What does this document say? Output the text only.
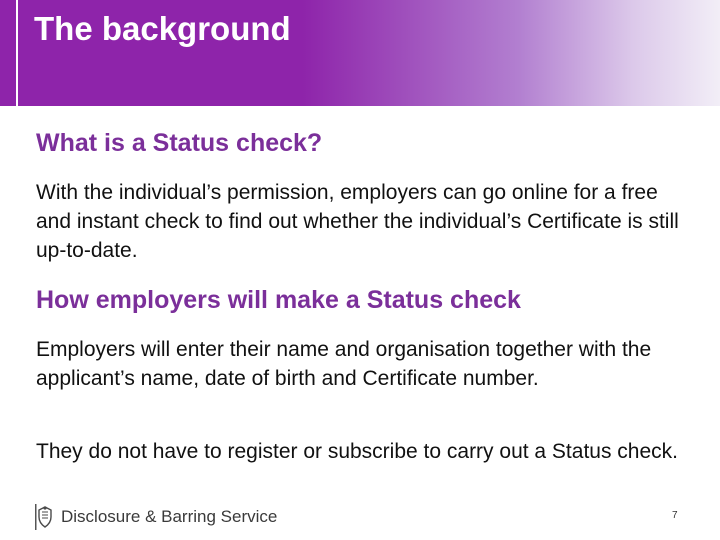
The background
What is a Status check?

With the individual’s permission, employers can go online for a free and instant check to find out whether the individual’s Certificate is still up-to-date.

How employers will make a Status check

Employers will enter their name and organisation together with the applicant’s name, date of birth and Certificate number.

They do not have to register or subscribe to carry out a Status check.

Disclosure & Barring Service	7
